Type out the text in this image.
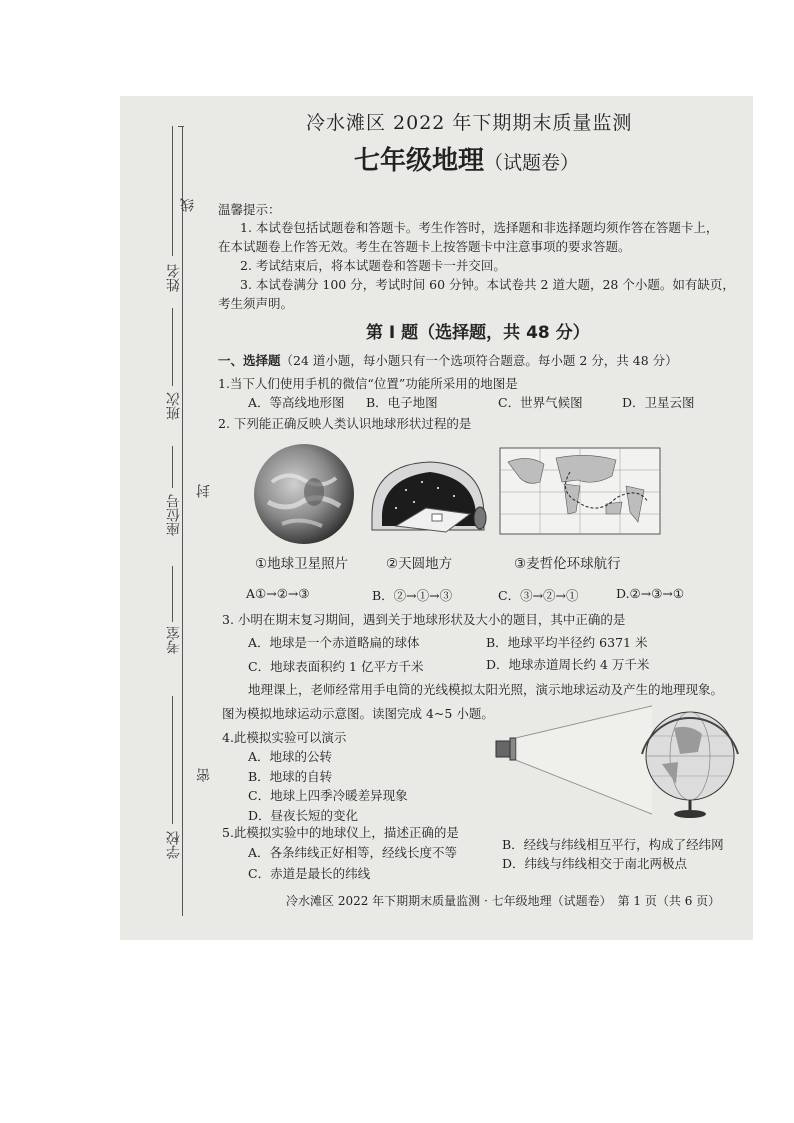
姓名
班次
座位号
考室
学校
线
封
密
冷水滩区 2022 年下期期末质量监测
七年级地理（试题卷）
温馨提示：
1. 本试卷包括试题卷和答题卡。考生作答时，选择题和非选择题均须作答在答题卡上，
在本试题卷上作答无效。考生在答题卡上按答题卡中注意事项的要求答题。
2. 考试结束后，将本试题卷和答题卡一并交回。
3. 本试卷满分 100 分，考试时间 60 分钟。本试卷共 2 道大题，28 个小题。如有缺页，
考生须声明。
第 I 题（选择题，共 48 分）
一、选择题（24 道小题，每小题只有一个选项符合题意。每小题 2 分，共 48 分）
1.当下人们使用手机的微信“位置”功能所采用的地图是
A．等高线地形图 B．电子地图	C．世界气候图	D．卫星云图
2. 下列能正确反映人类认识地球形状过程的是
①地球卫星照片	②天圆地方	③麦哲伦环球航行
A①→②→③	B．②→①→③	C．③→②→①	D.②→③→①
3. 小明在期末复习期间，遇到关于地球形状及大小的题目，其中正确的是
A．地球是一个赤道略扁的球体	B．地球平均半径约 6371 米
C．地球表面积约 1 亿平方千米	D．地球赤道周长约 4 万千米
地理课上，老师经常用手电筒的光线模拟太阳光照，演示地球运动及产生的地理现象。
图为模拟地球运动示意图。读图完成 4~5 小题。
4.此模拟实验可以演示
A．地球的公转
B．地球的自转
C．地球上四季冷暖差异现象
D．昼夜长短的变化
5.此模拟实验中的地球仪上，描述正确的是
A．各条纬线正好相等，经线长度不等
B．经线与纬线相互平行，构成了经纬网
C．赤道是最长的纬线
D．纬线与纬线相交于南北两极点
冷水滩区 2022 年下期期末质量监测 · 七年级地理（试题卷）　第 1 页（共 6 页）
